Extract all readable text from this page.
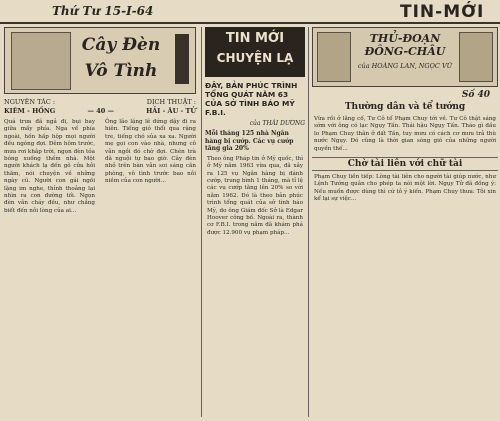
Thứ Tư 15-I-64	TIN-MỚI
Cây Đèn Vô Tình
NGUYÊN TÁC :	DỊCH THUẬT :
KIÊM - HỒNG	— 40 —	HẢI - ÂU - TỬ
Quá trưa đã ngả đi, bụi bay giữa mấy phía. Nga về phía ngoài, hồn hấp hộp mọi người đều ngóng đợi. Đêm hôm trước, mưa rơi khắp trời, ngọn đèn tỏa bóng xuống thềm nhà. Một người khách lạ đến gõ cửa hỏi thăm, nói chuyện về những ngày cũ. Người con gái ngồi lặng im nghe, thỉnh thoảng lại nhìn ra con đường tối. Ngọn đèn vẫn cháy đều, như chẳng biết đến nỗi lòng của ai...
Ông lão lặng lẽ đứng dậy đi ra hiên. Tiếng gió thổi qua rặng tre, tiếng chó sủa xa xa. Người mẹ gọi con vào nhà, nhưng cô vẫn ngồi đó chờ đợi. Chén trà đã nguội tự bao giờ. Cây đèn nhỏ trên bàn vẫn soi sáng căn phòng, vô tình trước bao nỗi niềm của con người...
TIN MỚI
CHUYỆN LẠ
ĐÂY, BẢN PHÚC TRÌNH TỔNG QUÁT NĂM 63 CỦA SỞ TÌNH BÁO MỸ F.B.I.
của THÁI DƯƠNG
Mỗi tháng 125 nhà Ngân hàng bị cướp. Các vụ cướp tăng gia 20%
Theo ông Pháp tin ở Mỹ quốc, thì ở Mỹ năm 1963 vừa qua, đã xảy ra 125 vụ Ngân hàng bị đánh cướp, trung bình 1 tháng, mà tỉ lệ các vụ cướp tăng lên 20% so với năm 1962. Đó là theo bản phúc trình tổng quát của sở tình báo Mỹ, do ông Giám đốc Sở là Edgar Hoover công bố. Ngoài ra, thành cơ F.B.I. trong năm đã khám phá được 12.900 vụ phạm pháp...
THỦ-ĐOẠN ĐÔNG-CHÂU
của HOÀNG LAN, NGỌC VŨ
Số 40
Thường dân và tể tướng
Vừa rồi ở lăng cố, Tư Cô tể Phạm Chuy tới về. Tư Cô thật sáng sớm với ông có lạc Ngụy Tấn. Thái hậu Ngụy Tấn. Tháo gì đầu lo Phạm Chuy thân ở đất Tần, tuy mưu có cách cơ mưu trả thù nước Ngụy. Đó cũng là thời gian sóng gió của những người quyền thế...
Chờ tài liên với chữ tài
Phạm Chuy liền tiếp: Lòng tài liên cho người tài giúp nước, như Lệnh Tướng quân cho phép ta nói một lời. Ngụy Tử đã đồng ý: Nếu muốn được dùng thì cứ tỏ ý kiến. Phạm Chuy thưa: Tôi xin kể lại sự việc...
